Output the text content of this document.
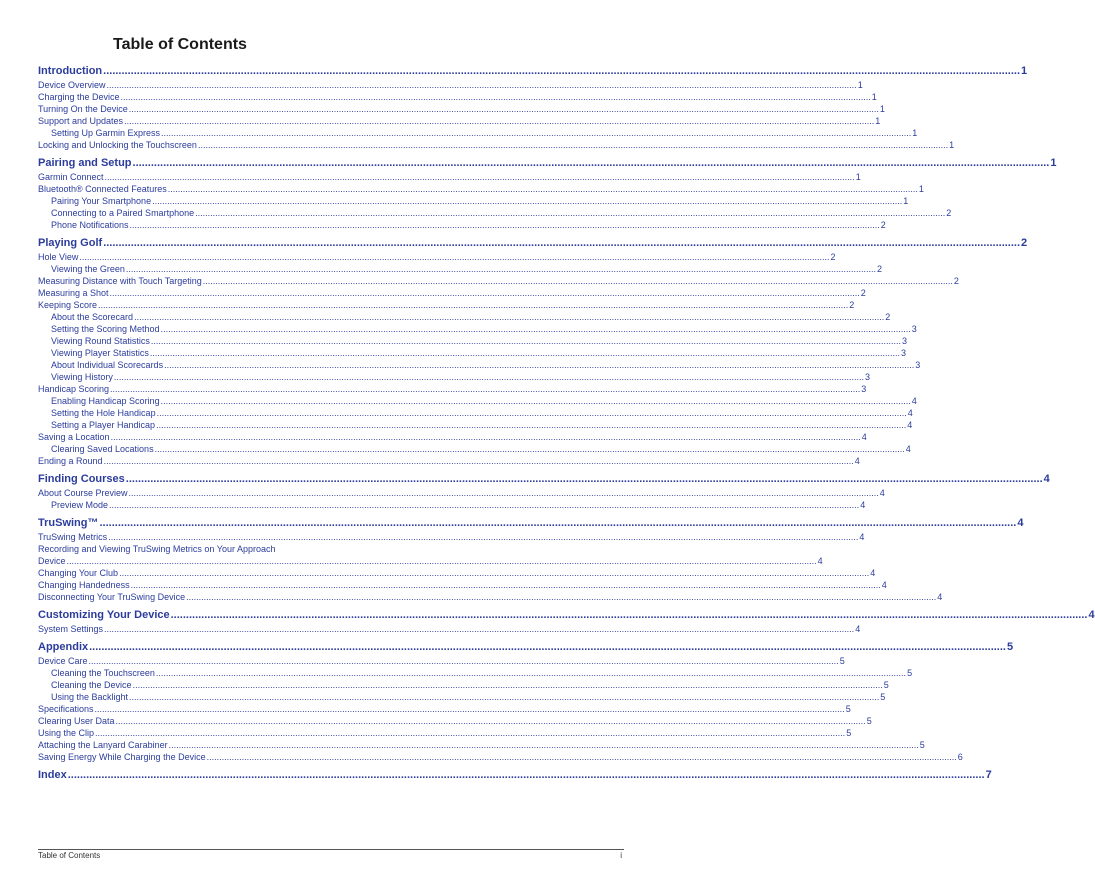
Table of Contents
Introduction ............................................................................................................................................................................................................................................................................................................ 1
Device Overview ............................................................................................................................................................................................................................................................................................................ 1
Charging the Device ............................................................................................................................................................................................................................................................................................................ 1
Turning On the Device ............................................................................................................................................................................................................................................................................................................ 1
Support and Updates ............................................................................................................................................................................................................................................................................................................ 1
Setting Up Garmin Express ............................................................................................................................................................................................................................................................................................................ 1
Locking and Unlocking the Touchscreen ............................................................................................................................................................................................................................................................................................................ 1
Pairing and Setup ............................................................................................................................................................................................................................................................................................................ 1
Garmin Connect ............................................................................................................................................................................................................................................................................................................ 1
Bluetooth® Connected Features ............................................................................................................................................................................................................................................................................................................ 1
Pairing Your Smartphone ............................................................................................................................................................................................................................................................................................................ 1
Connecting to a Paired Smartphone ............................................................................................................................................................................................................................................................................................................ 2
Phone Notifications ............................................................................................................................................................................................................................................................................................................ 2
Playing Golf ............................................................................................................................................................................................................................................................................................................ 2
Hole View ............................................................................................................................................................................................................................................................................................................ 2
Viewing the Green ............................................................................................................................................................................................................................................................................................................ 2
Measuring Distance with Touch Targeting ............................................................................................................................................................................................................................................................................................................ 2
Measuring a Shot ............................................................................................................................................................................................................................................................................................................ 2
Keeping Score ............................................................................................................................................................................................................................................................................................................ 2
About the Scorecard ............................................................................................................................................................................................................................................................................................................ 2
Setting the Scoring Method ............................................................................................................................................................................................................................................................................................................ 3
Viewing Round Statistics ............................................................................................................................................................................................................................................................................................................ 3
Viewing Player Statistics ............................................................................................................................................................................................................................................................................................................ 3
About Individual Scorecards ............................................................................................................................................................................................................................................................................................................ 3
Viewing History ............................................................................................................................................................................................................................................................................................................ 3
Handicap Scoring ............................................................................................................................................................................................................................................................................................................ 3
Enabling Handicap Scoring ............................................................................................................................................................................................................................................................................................................ 4
Setting the Hole Handicap ............................................................................................................................................................................................................................................................................................................ 4
Setting a Player Handicap ............................................................................................................................................................................................................................................................................................................ 4
Saving a Location ............................................................................................................................................................................................................................................................................................................ 4
Clearing Saved Locations ............................................................................................................................................................................................................................................................................................................ 4
Ending a Round ............................................................................................................................................................................................................................................................................................................ 4
Finding Courses ............................................................................................................................................................................................................................................................................................................ 4
About Course Preview ............................................................................................................................................................................................................................................................................................................ 4
Preview Mode ............................................................................................................................................................................................................................................................................................................ 4
TruSwing™ ............................................................................................................................................................................................................................................................................................................ 4
TruSwing Metrics ............................................................................................................................................................................................................................................................................................................ 4
Recording and Viewing TruSwing Metrics on Your Approach
Device ............................................................................................................................................................................................................................................................................................................ 4
Changing Your Club ............................................................................................................................................................................................................................................................................................................ 4
Changing Handedness ............................................................................................................................................................................................................................................................................................................ 4
Disconnecting Your TruSwing Device ............................................................................................................................................................................................................................................................................................................ 4
Customizing Your Device ............................................................................................................................................................................................................................................................................................................ 4
System Settings ............................................................................................................................................................................................................................................................................................................ 4
Appendix ............................................................................................................................................................................................................................................................................................................ 5
Device Care ............................................................................................................................................................................................................................................................................................................ 5
Cleaning the Touchscreen ............................................................................................................................................................................................................................................................................................................ 5
Cleaning the Device ............................................................................................................................................................................................................................................................................................................ 5
Using the Backlight ............................................................................................................................................................................................................................................................................................................ 5
Specifications ............................................................................................................................................................................................................................................................................................................ 5
Clearing User Data ............................................................................................................................................................................................................................................................................................................ 5
Using the Clip ............................................................................................................................................................................................................................................................................................................ 5
Attaching the Lanyard Carabiner ............................................................................................................................................................................................................................................................................................................ 5
Saving Energy While Charging the Device ............................................................................................................................................................................................................................................................................................................ 6
Index ............................................................................................................................................................................................................................................................................................................ 7
Table of Contents	i
